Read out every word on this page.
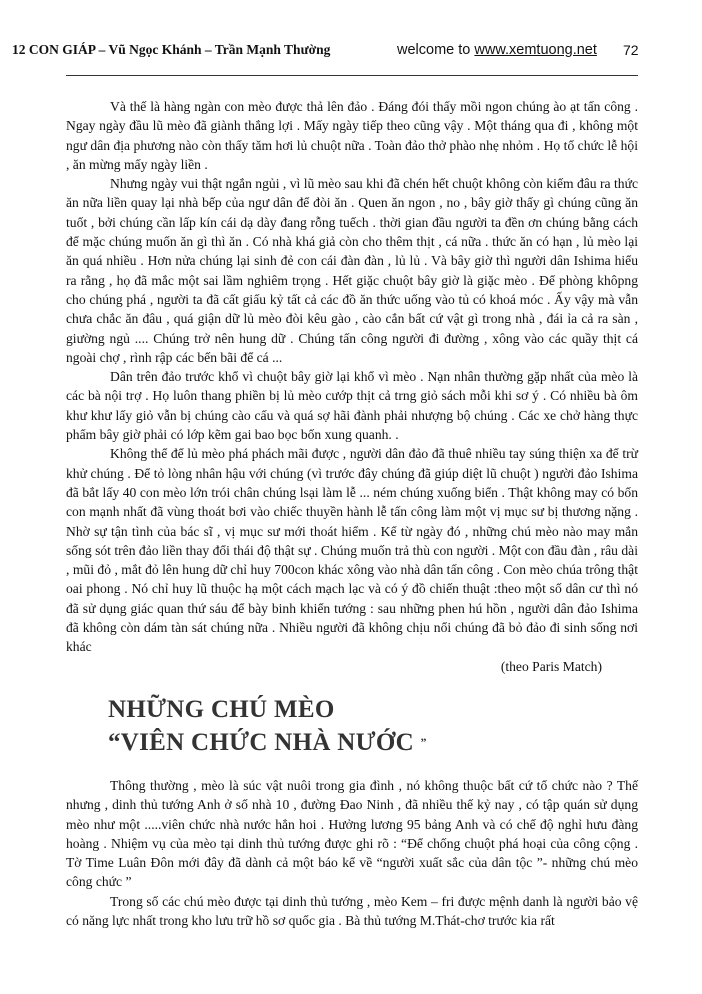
12 CON GIÁP – Vũ Ngọc Khánh – Trần Mạnh Thường	welcome to www.xemtuong.net 72

Và thế là hàng ngàn con mèo được thả lên đảo . Đáng đói thấy mồi ngon chúng ào ạt tấn công . Ngay ngày đầu lũ mèo đã giành thắng lợi . Mấy ngày tiếp theo cũng vậy . Một tháng qua đi , không một ngư dân địa phương nào còn thấy tăm hơi lủ chuột nữa . Toàn đảo thở phào nhẹ nhỏm . Họ tổ chức lễ hội , ăn mừng mấy ngày liền .

Nhưng ngày vui thật ngắn ngủi , vì lũ mèo sau khi đã chén hết chuột không còn kiếm đâu ra thức ăn nữa liền quay lại nhà bếp của ngư dân để đòi ăn . Quen ăn ngon , no , bây giờ thấy gì chúng cũng ăn tuốt , bởi chúng cần lấp kín cái dạ dày đang rỗng tuếch . thời gian đầu người ta đền ơn chúng bằng cách để mặc chúng muốn ăn gì thì ăn . Có nhà khá giả còn cho thêm thịt , cá nữa . thức ăn có hạn , lủ mèo lại ăn quá nhiều . Hơn nửa chúng lại sinh đẻ con cái đàn đàn , lủ lủ . Và bây giờ thì người dân Ishima hiểu ra rằng , họ đã mắc một sai lầm nghiêm trọng . Hết giặc chuột bây giờ là giặc mèo . Để phòng khôpng cho chúng phá , người ta đã cất giấu kỷ tất cả các đồ ăn thức uống vào tủ có khoá móc . Ấy vậy mà vẫn chưa chắc ăn đâu , quá giận dữ lủ mèo đòi kêu gào , cào cắn bất cứ vật gì trong nhà , đái ỉa cả ra sàn , giường ngủ .... Chúng trở nên hung dữ . Chúng tấn công người đi đường , xông vào các quầy thịt cá ngoài chợ , rình rập các bến bãi để cá ...

Dân trên đảo trước khổ vì chuột bây giờ lại khổ vì mèo . Nạn nhân thường gặp nhất của mèo là các bà nội trợ . Họ luôn thang phiền bị lủ mèo cướp thịt cả trng giỏ sách mỗi khi sơ ý . Có nhiều bà ôm khư khư lấy giỏ vẫn bị chúng cào cấu và quá sợ hãi đành phải nhượng bộ chúng . Các xe chở hàng thực phẩm bây giờ phải có lớp kẽm gai bao bọc bốn xung quanh. .

Không thể để lủ mèo phá phách mãi được , người dân đảo đã thuê nhiều tay súng thiện xa để trừ khử chúng . Để tỏ lòng nhân hậu với chúng (vì trước đây chúng đã giúp diệt lũ chuột ) người đảo Ishima đã bắt lấy 40 con mèo lớn trói chân chúng lsại làm lễ ... ném chúng xuống biển . Thật không may có bốn con mạnh nhất đã vùng thoát bơi vào chiếc thuyền hành lễ tấn công làm một vị mục sư bị thương nặng . Nhờ sự tận tình của bác sĩ , vị mục sư mới thoát hiểm . Kể từ ngày đó , những chú mèo nào may mắn sống sót trên đảo liền thay đổi thái độ thật sự . Chúng muốn trả thù con người . Một con đầu đàn , râu dài , mũi đỏ , mắt đỏ lên hung dữ chỉ huy 700con khác xông vào nhà dân tấn công . Con mèo chúa trông thật oai phong . Nó chỉ huy lũ thuộc hạ một cách mạch lạc và có ý đồ chiến thuật :theo một số dân cư thì nó đã sử dụng giác quan thứ sáu để bày binh khiển tướng : sau những phen hú hồn , người dân đảo Ishima đã không còn dám tàn sát chúng nữa . Nhiều người đã không chịu nổi chúng đã bỏ đảo đi sinh sống nơi khác

(theo Paris Match)

NHỮNG CHÚ MÈO
“VIÊN CHỨC NHÀ NƯỚC ”

Thông thường , mèo là súc vật nuôi trong gia đình , nó không thuộc bất cứ tổ chức nào ? Thế nhưng , dinh thủ tướng Anh ở số nhà 10 , đường Đao Ninh , đã nhiều thế kỷ nay , có tập quán sử dụng mèo như một .....viên chức nhà nước hẳn hoi . Hưởng lương 95 bảng Anh và có chế độ nghỉ hưu đàng hoàng . Nhiệm vụ của mèo tại dinh thủ tướng được ghi rõ : “Để chống chuột phá hoại của công cộng . Tờ Time Luân Đôn mới đây đã dành cả một báo kể về “người xuất sắc của dân tộc ”- những chú mèo công chức ”

Trong số các chú mèo được tại dinh thủ tướng , mèo Kem – fri được mệnh danh là người bảo vệ có năng lực nhất trong kho lưu trữ hồ sơ quốc gia . Bà thủ tướng M.Thát-chơ trước kia rất
